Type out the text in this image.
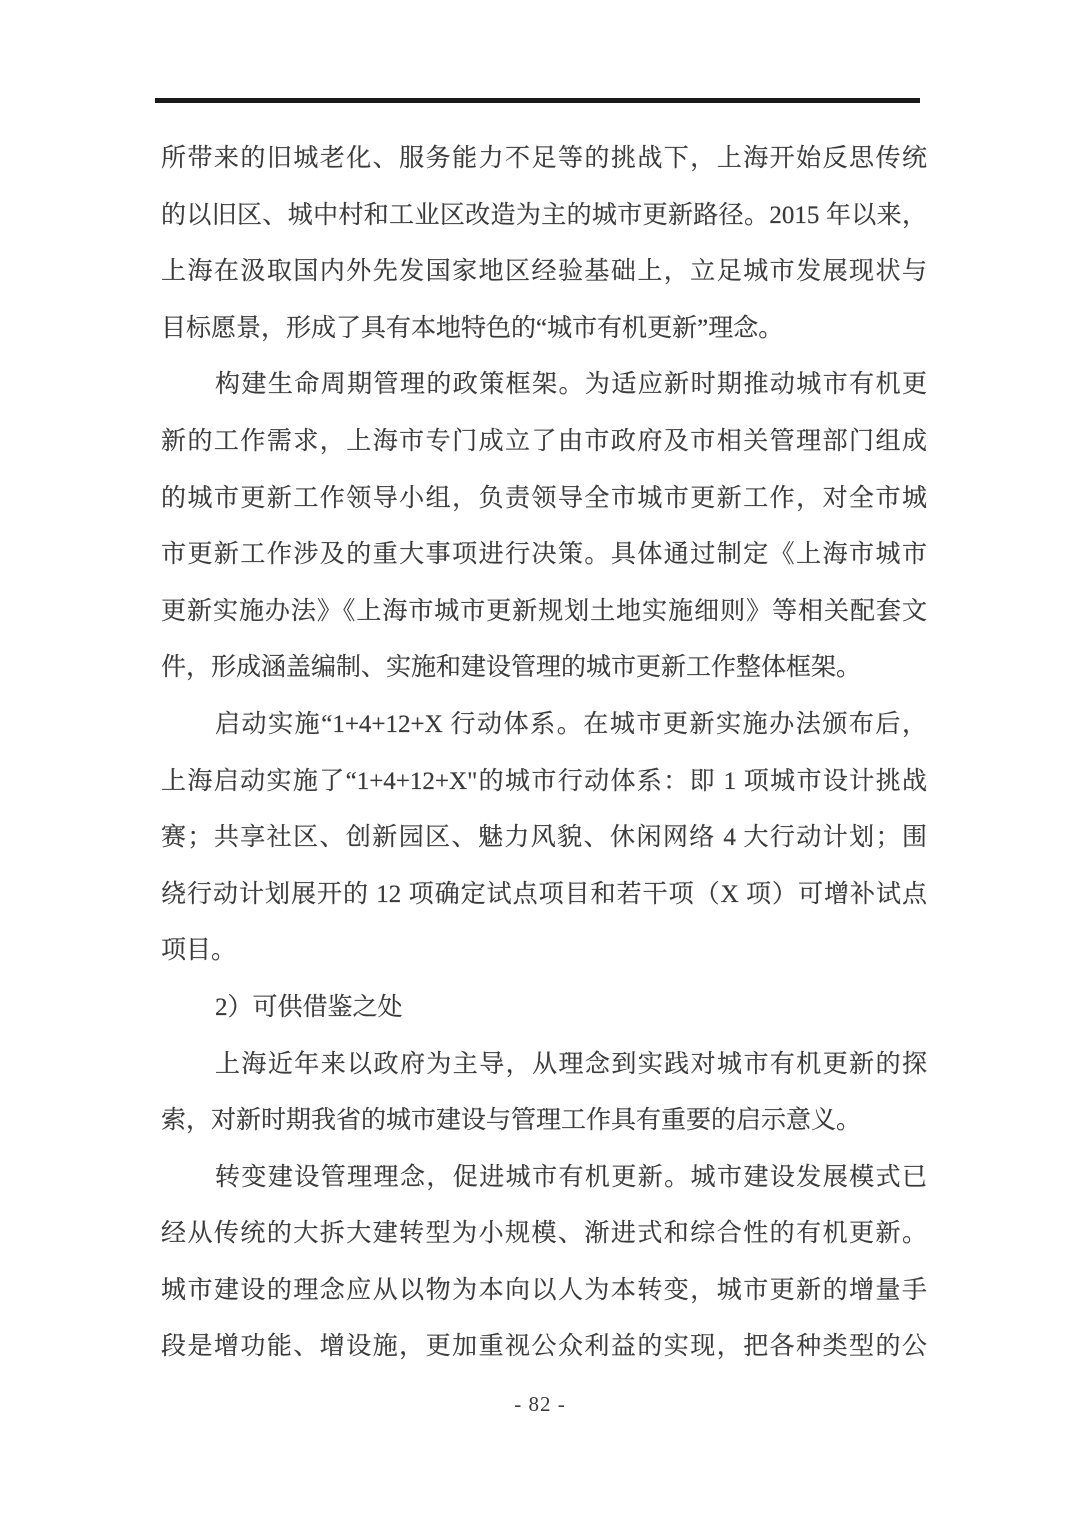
所带来的旧城老化、服务能力不足等的挑战下，上海开始反思传统
的以旧区、城中村和工业区改造为主的城市更新路径。2015 年以来，
上海在汲取国内外先发国家地区经验基础上，立足城市发展现状与
目标愿景，形成了具有本地特色的“城市有机更新”理念。
构建生命周期管理的政策框架。为适应新时期推动城市有机更
新的工作需求，上海市专门成立了由市政府及市相关管理部门组成
的城市更新工作领导小组，负责领导全市城市更新工作，对全市城
市更新工作涉及的重大事项进行决策。具体通过制定《上海市城市
更新实施办法》《上海市城市更新规划土地实施细则》等相关配套文
件，形成涵盖编制、实施和建设管理的城市更新工作整体框架。
启动实施“1+4+12+X 行动体系。在城市更新实施办法颁布后，
上海启动实施了“1+4+12+X"的城市行动体系：即 1 项城市设计挑战
赛；共享社区、创新园区、魅力风貌、休闲网络 4 大行动计划；围
绕行动计划展开的 12 项确定试点项目和若干项（X 项）可增补试点
项目。
2）可供借鉴之处
上海近年来以政府为主导，从理念到实践对城市有机更新的探
索，对新时期我省的城市建设与管理工作具有重要的启示意义。
转变建设管理理念，促进城市有机更新。城市建设发展模式已
经从传统的大拆大建转型为小规模、渐进式和综合性的有机更新。
城市建设的理念应从以物为本向以人为本转变，城市更新的增量手
段是增功能、增设施，更加重视公众利益的实现，把各种类型的公
- 82 -
